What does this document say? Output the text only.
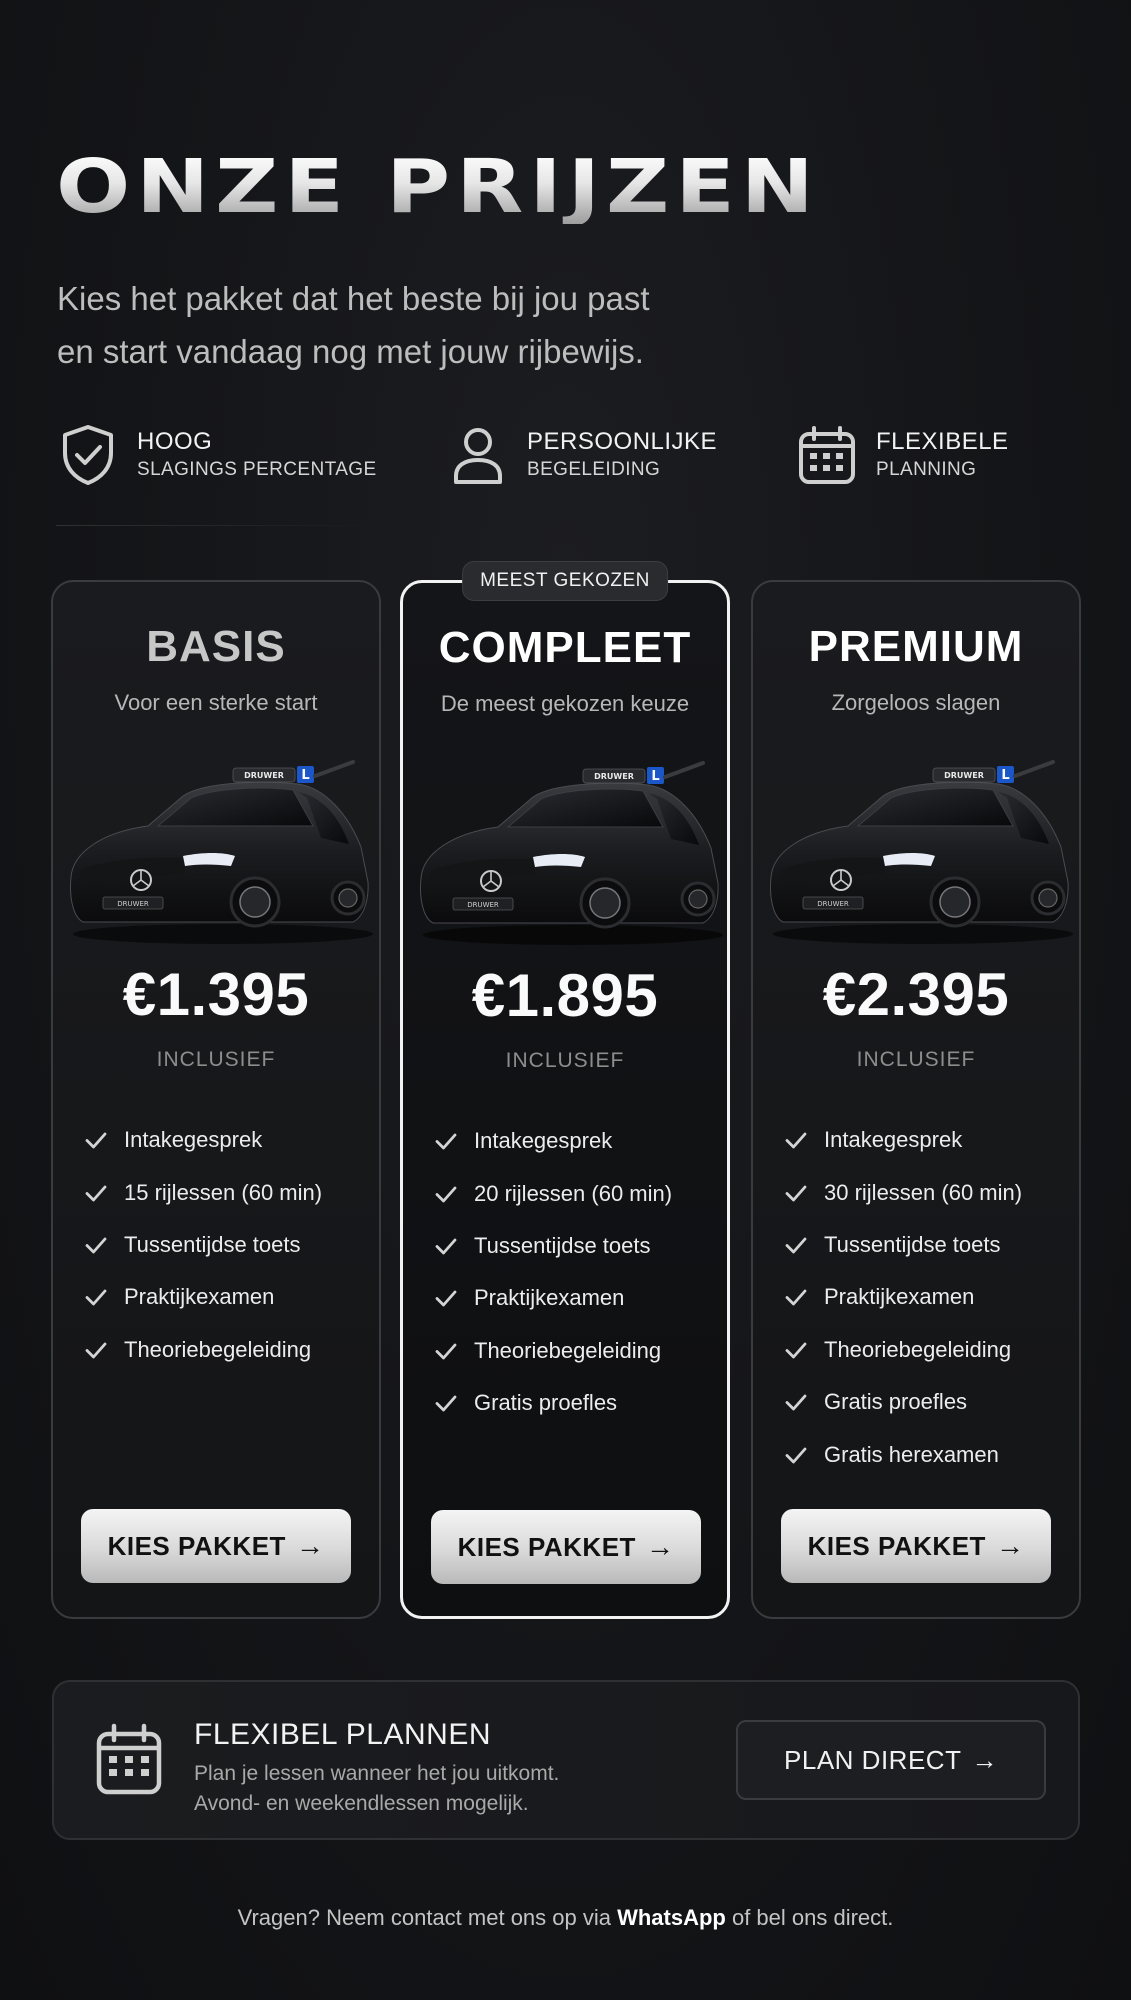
ONZE PRIJZEN
Kies het pakket dat het beste bij jou past
en start vandaag nog met jouw rijbewijs.
HOOG
SLAGINGS PERCENTAGE
PERSOONLIJKE
BEGELEIDING
FLEXIBELE
PLANNING
BASIS
Voor een sterke start
€1.395
INCLUSIEF
Intakegesprek
15 rijlessen (60 min)
Tussentijdse toets
Praktijkexamen
Theoriebegeleiding
KIES PAKKET →
MEEST GEKOZEN
COMPLEET
De meest gekozen keuze
€1.895
INCLUSIEF
Intakegesprek
20 rijlessen (60 min)
Tussentijdse toets
Praktijkexamen
Theoriebegeleiding
Gratis proefles
KIES PAKKET →
PREMIUM
Zorgeloos slagen
€2.395
INCLUSIEF
Intakegesprek
30 rijlessen (60 min)
Tussentijdse toets
Praktijkexamen
Theoriebegeleiding
Gratis proefles
Gratis herexamen
KIES PAKKET →
FLEXIBEL PLANNEN
Plan je lessen wanneer het jou uitkomt.
Avond- en weekendlessen mogelijk.
PLAN DIRECT →
Vragen? Neem contact met ons op via WhatsApp of bel ons direct.
